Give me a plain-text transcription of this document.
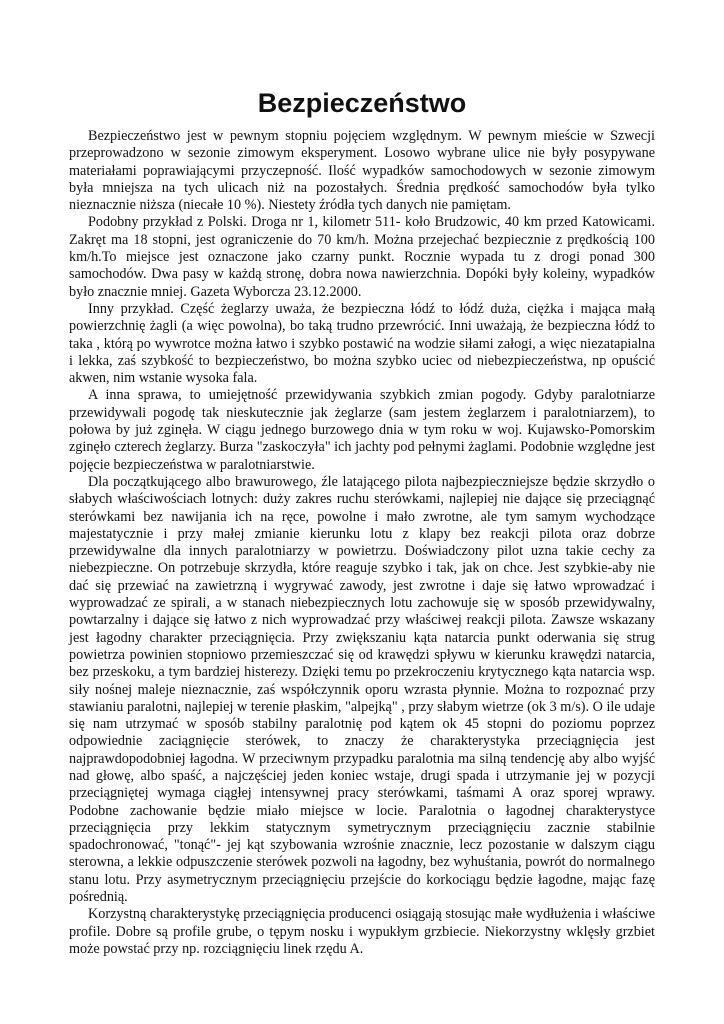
Bezpieczeństwo

Bezpieczeństwo jest w pewnym stopniu pojęciem względnym. W pewnym mieście w Szwecji przeprowadzono w sezonie zimowym eksperyment. Losowo wybrane ulice nie były posypywane materiałami poprawiającymi przyczepność. Ilość wypadków samochodowych w sezonie zimowym była mniejsza na tych ulicach niż na pozostałych. Średnia prędkość samochodów była tylko nieznacznie niższa (niecałe 10 %). Niestety źródła tych danych nie pamiętam.

Podobny przykład z Polski. Droga nr 1, kilometr 511- koło Brudzowic, 40 km przed Katowicami. Zakręt ma 18 stopni, jest ograniczenie do 70 km/h. Można przejechać bezpiecznie z prędkością 100 km/h.To miejsce jest oznaczone jako czarny punkt. Rocznie wypada tu z drogi ponad 300 samochodów. Dwa pasy w każdą stronę, dobra nowa nawierzchnia. Dopóki były koleiny, wypadków było znacznie mniej. Gazeta Wyborcza 23.12.2000.

Inny przykład. Część żeglarzy uważa, że bezpieczna łódź to łódź duża, ciężka i mająca małą powierzchnię żagli (a więc powolna), bo taką trudno przewrócić. Inni uważają, że bezpieczna łódź to taka , którą po wywrotce można łatwo i szybko postawić na wodzie siłami załogi, a więc niezatapialna i lekka, zaś szybkość to bezpieczeństwo, bo można szybko uciec od niebezpieczeństwa, np opuścić akwen, nim wstanie wysoka fala.

A inna sprawa, to umiejętność przewidywania szybkich zmian pogody. Gdyby paralotniarze przewidywali pogodę tak nieskutecznie jak żeglarze (sam jestem żeglarzem i paralotniarzem), to połowa by już zginęła. W ciągu jednego burzowego dnia w tym roku w woj. Kujawsko-Pomorskim zginęło czterech żeglarzy. Burza "zaskoczyła" ich jachty pod pełnymi żaglami. Podobnie względne jest pojęcie bezpieczeństwa w paralotniarstwie.

Dla początkującego albo brawurowego, źle latającego pilota najbezpieczniejsze będzie skrzydło o słabych właściwościach lotnych: duży zakres ruchu sterówkami, najlepiej nie dające się przeciągnąć sterówkami bez nawijania ich na ręce, powolne i mało zwrotne, ale tym samym wychodzące majestatycznie i przy małej zmianie kierunku lotu z klapy bez reakcji pilota oraz dobrze przewidywalne dla innych paralotniarzy w powietrzu. Doświadczony pilot uzna takie cechy za niebezpieczne. On potrzebuje skrzydła, które reaguje szybko i tak, jak on chce. Jest szybkie-aby nie dać się przewiać na zawietrzną i wygrywać zawody, jest zwrotne i daje się łatwo wprowadzać i wyprowadzać ze spirali, a w stanach niebezpiecznych lotu zachowuje się w sposób przewidywalny, powtarzalny i dające się łatwo z nich wyprowadzać przy właściwej reakcji pilota. Zawsze wskazany jest łagodny charakter przeciągnięcia. Przy zwiększaniu kąta natarcia punkt oderwania się strug powietrza powinien stopniowo przemieszczać się od krawędzi spływu w kierunku krawędzi natarcia, bez przeskoku, a tym bardziej histerezy. Dzięki temu po przekroczeniu krytycznego kąta natarcia wsp. siły nośnej maleje nieznacznie, zaś współczynnik oporu wzrasta płynnie. Można to rozpoznać przy stawianiu paralotni, najlepiej w terenie płaskim, "alpejką" , przy słabym wietrze (ok 3 m/s). O ile udaje się nam utrzymać w sposób stabilny paralotnię pod kątem ok 45 stopni do poziomu poprzez odpowiednie zaciągnięcie sterówek, to znaczy że charakterystyka przeciągnięcia jest najprawdopodobniej łagodna. W przeciwnym przypadku paralotnia ma silną tendencję aby albo wyjść nad głowę, albo spaść, a najczęściej jeden koniec wstaje, drugi spada i utrzymanie jej w pozycji przeciągniętej wymaga ciągłej intensywnej pracy sterówkami, taśmami A oraz sporej wprawy. Podobne zachowanie będzie miało miejsce w locie. Paralotnia o łagodnej charakterystyce przeciągnięcia przy lekkim statycznym symetrycznym przeciągnięciu zacznie stabilnie spadochronować, "tonąć"- jej kąt szybowania wzrośnie znacznie, lecz pozostanie w dalszym ciągu sterowna, a lekkie odpuszczenie sterówek pozwoli na łagodny, bez wyhuśtania, powrót do normalnego stanu lotu. Przy asymetrycznym przeciągnięciu przejście do korkociągu będzie łagodne, mając fazę pośrednią.

Korzystną charakterystykę przeciągnięcia producenci osiągają stosując małe wydłużenia i właściwe profile. Dobre są profile grube, o tępym nosku i wypukłym grzbiecie. Niekorzystny wklęsły grzbiet może powstać przy np. rozciągnięciu linek rzędu A.
